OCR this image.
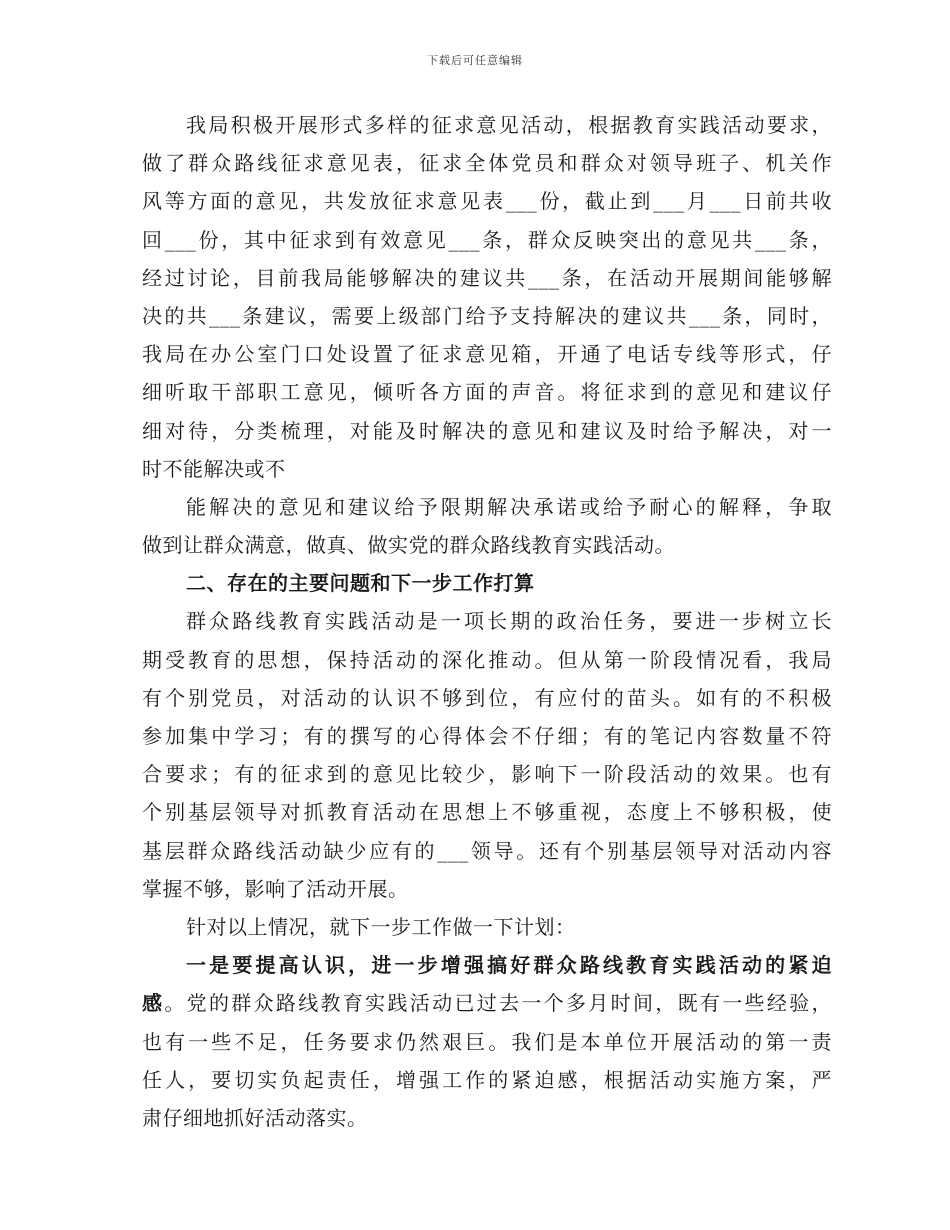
下载后可任意编辑
我局积极开展形式多样的征求意见活动，根据教育实践活动要求，
做了群众路线征求意见表，征求全体党员和群众对领导班子、机关作
风等方面的意见，共发放征求意见表___份，截止到___月___日前共收
回___份，其中征求到有效意见___条，群众反映突出的意见共___条，
经过讨论，目前我局能够解决的建议共___条，在活动开展期间能够解
决的共___条建议，需要上级部门给予支持解决的建议共___条，同时，
我局在办公室门口处设置了征求意见箱，开通了电话专线等形式，仔
细听取干部职工意见，倾听各方面的声音。将征求到的意见和建议仔
细对待，分类梳理，对能及时解决的意见和建议及时给予解决，对一
时不能解决或不
能解决的意见和建议给予限期解决承诺或给予耐心的解释，争取
做到让群众满意，做真、做实党的群众路线教育实践活动。
二、存在的主要问题和下一步工作打算
群众路线教育实践活动是一项长期的政治任务，要进一步树立长
期受教育的思想，保持活动的深化推动。但从第一阶段情况看，我局
有个别党员，对活动的认识不够到位，有应付的苗头。如有的不积极
参加集中学习；有的撰写的心得体会不仔细；有的笔记内容数量不符
合要求；有的征求到的意见比较少，影响下一阶段活动的效果。也有
个别基层领导对抓教育活动在思想上不够重视，态度上不够积极，使
基层群众路线活动缺少应有的___领导。还有个别基层领导对活动内容
掌握不够，影响了活动开展。
针对以上情况，就下一步工作做一下计划：
一是要提高认识，进一步增强搞好群众路线教育实践活动的紧迫
感。党的群众路线教育实践活动已过去一个多月时间，既有一些经验，
也有一些不足，任务要求仍然艰巨。我们是本单位开展活动的第一责
任人，要切实负起责任，增强工作的紧迫感，根据活动实施方案，严
肃仔细地抓好活动落实。
